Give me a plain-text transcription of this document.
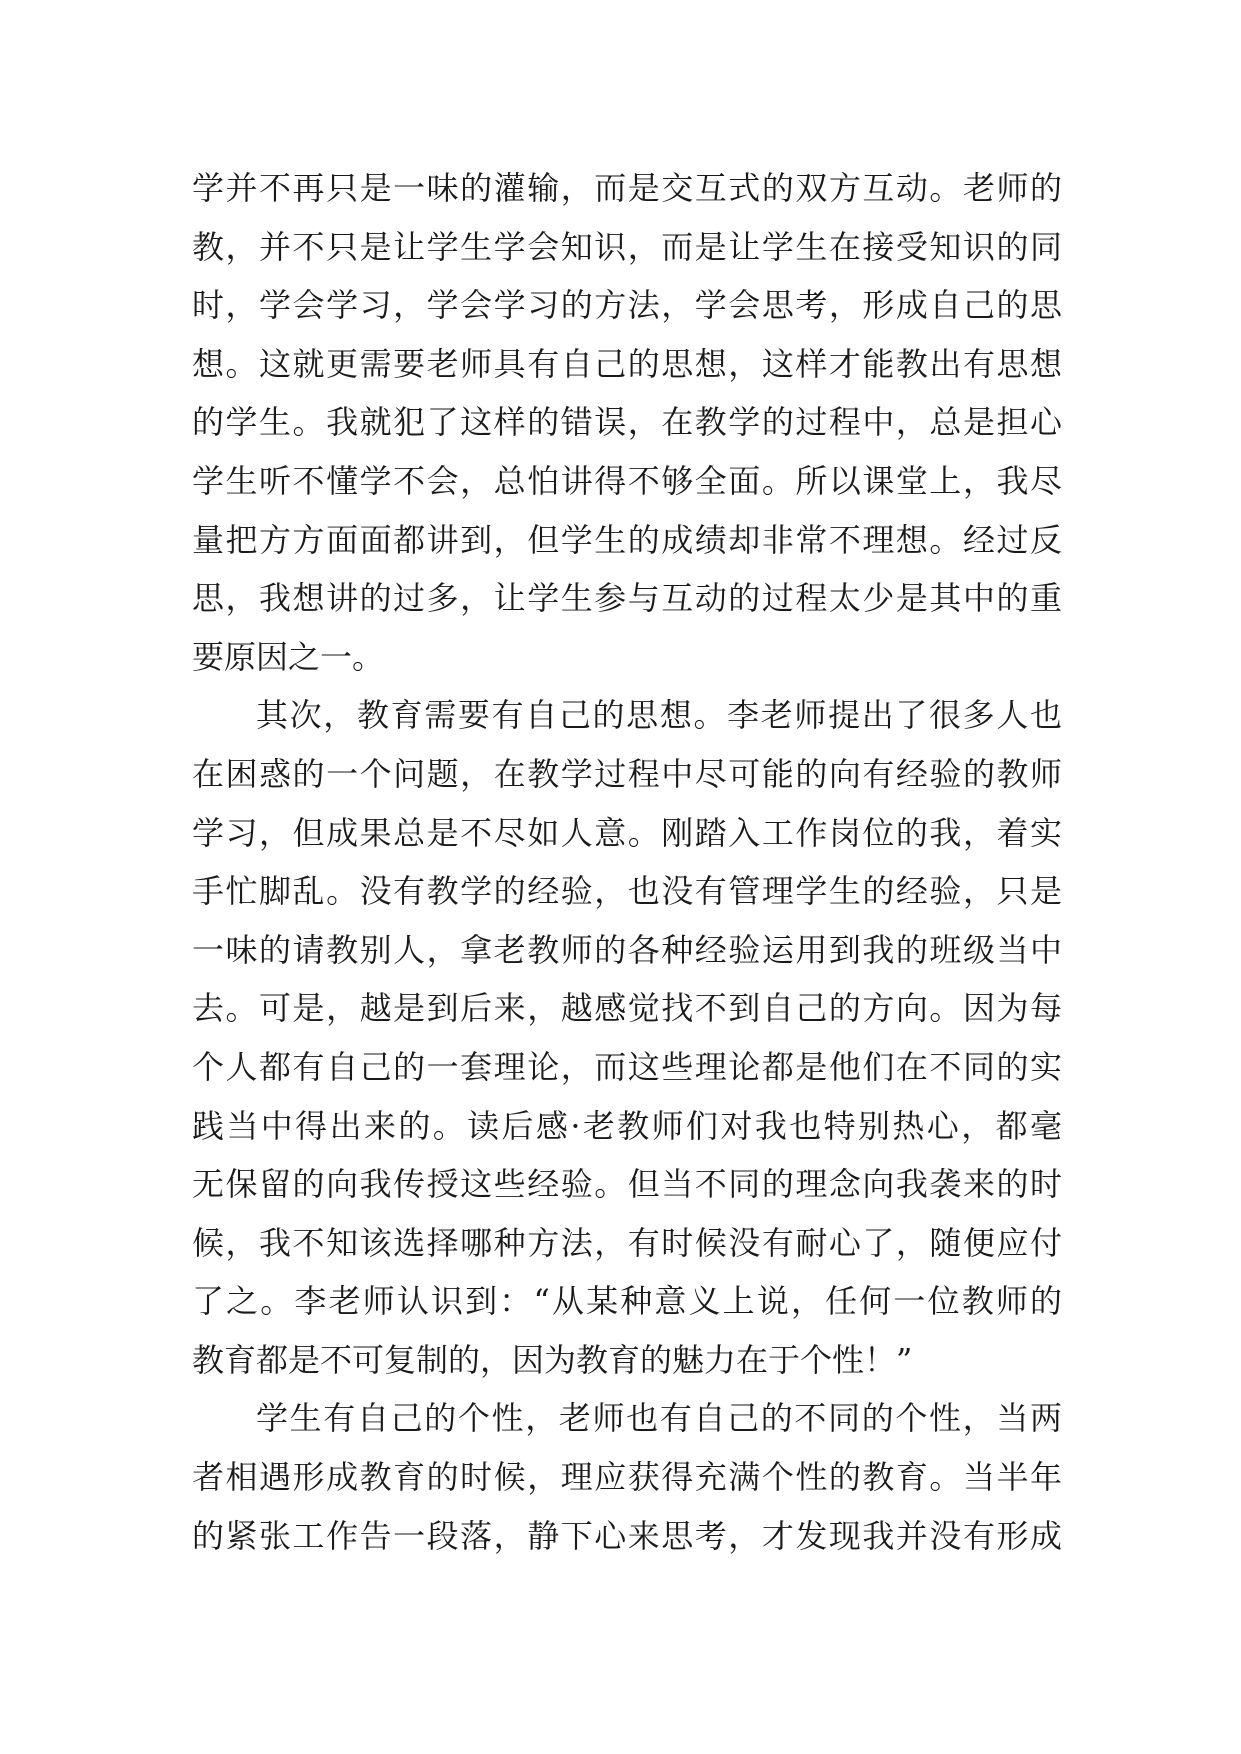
学并不再只是一味的灌输，而是交互式的双方互动。老师的
教，并不只是让学生学会知识，而是让学生在接受知识的同
时，学会学习，学会学习的方法，学会思考，形成自己的思
想。这就更需要老师具有自己的思想，这样才能教出有思想
的学生。我就犯了这样的错误，在教学的过程中，总是担心
学生听不懂学不会，总怕讲得不够全面。所以课堂上，我尽
量把方方面面都讲到，但学生的成绩却非常不理想。经过反
思，我想讲的过多，让学生参与互动的过程太少是其中的重
要原因之一。
其次，教育需要有自己的思想。李老师提出了很多人也
在困惑的一个问题，在教学过程中尽可能的向有经验的教师
学习，但成果总是不尽如人意。刚踏入工作岗位的我，着实
手忙脚乱。没有教学的经验，也没有管理学生的经验，只是
一味的请教别人，拿老教师的各种经验运用到我的班级当中
去。可是，越是到后来，越感觉找不到自己的方向。因为每
个人都有自己的一套理论，而这些理论都是他们在不同的实
践当中得出来的。读后感·老教师们对我也特别热心，都毫
无保留的向我传授这些经验。但当不同的理念向我袭来的时
候，我不知该选择哪种方法，有时候没有耐心了，随便应付
了之。李老师认识到：“从某种意义上说，任何一位教师的
教育都是不可复制的，因为教育的魅力在于个性！”
学生有自己的个性，老师也有自己的不同的个性，当两
者相遇形成教育的时候，理应获得充满个性的教育。当半年
的紧张工作告一段落，静下心来思考，才发现我并没有形成
